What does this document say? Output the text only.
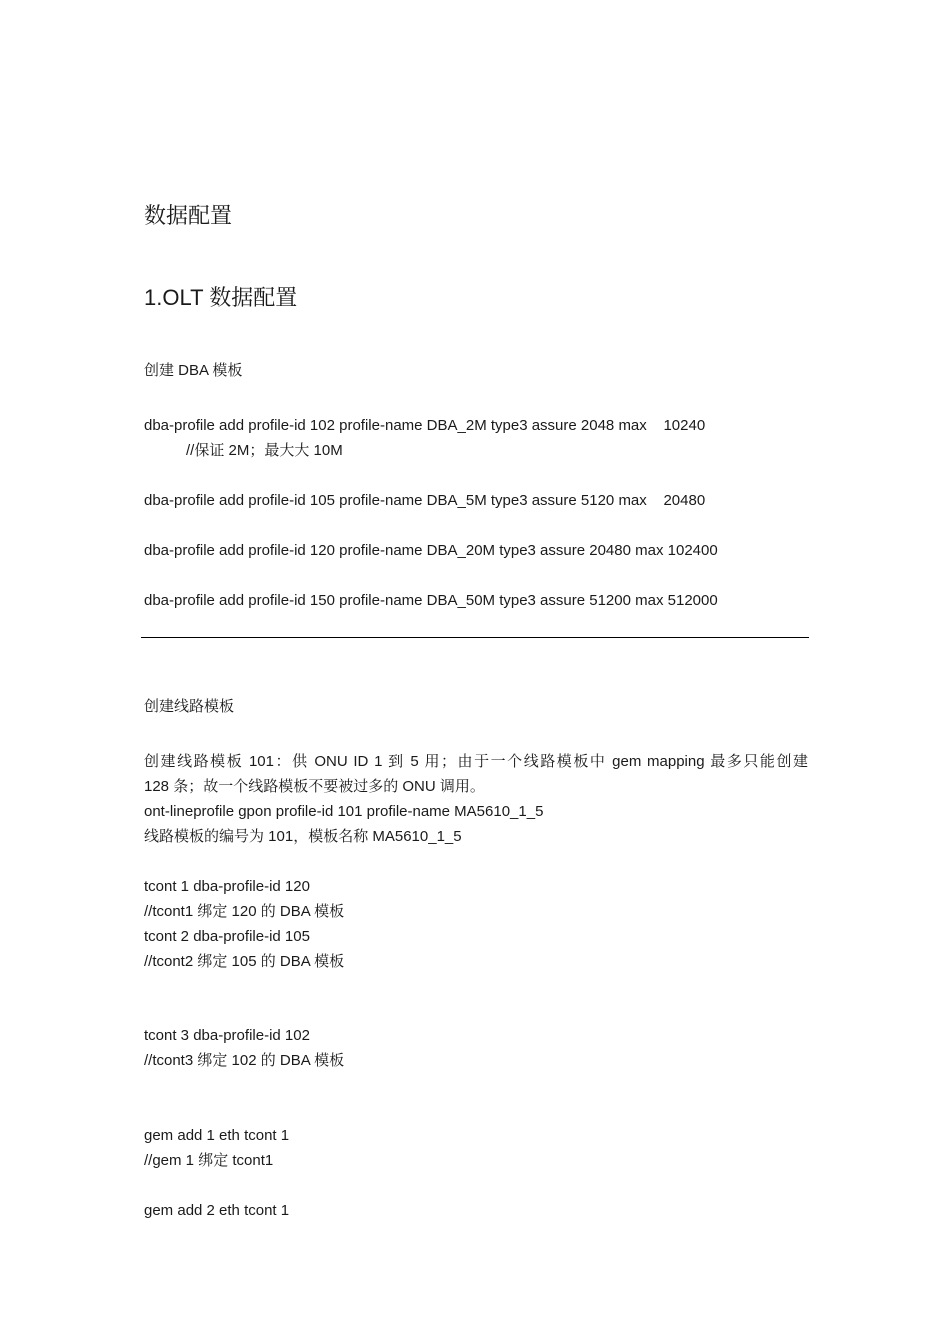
数据配置
1.OLT 数据配置
创建 DBA 模板
dba-profile add profile-id 102 profile-name DBA_2M type3 assure 2048 max    10240
//保证 2M；最大大 10M
dba-profile add profile-id 105 profile-name DBA_5M type3 assure 5120 max    20480
dba-profile add profile-id 120 profile-name DBA_20M type3 assure 20480 max 102400
dba-profile add profile-id 150 profile-name DBA_50M type3 assure 51200 max 512000
创建线路模板
创建线路模板 101：供 ONU ID 1 到 5 用；由于一个线路模板中 gem mapping 最多只能创建
128 条；故一个线路模板不要被过多的 ONU 调用。
ont-lineprofile gpon profile-id 101 profile-name MA5610_1_5
线路模板的编号为 101，模板名称 MA5610_1_5
tcont 1 dba-profile-id 120
//tcont1 绑定 120 的 DBA 模板
tcont 2 dba-profile-id 105
//tcont2 绑定 105 的 DBA 模板
tcont 3 dba-profile-id 102
//tcont3 绑定 102 的 DBA 模板
gem add 1 eth tcont 1
//gem 1 绑定 tcont1
gem add 2 eth tcont 1
